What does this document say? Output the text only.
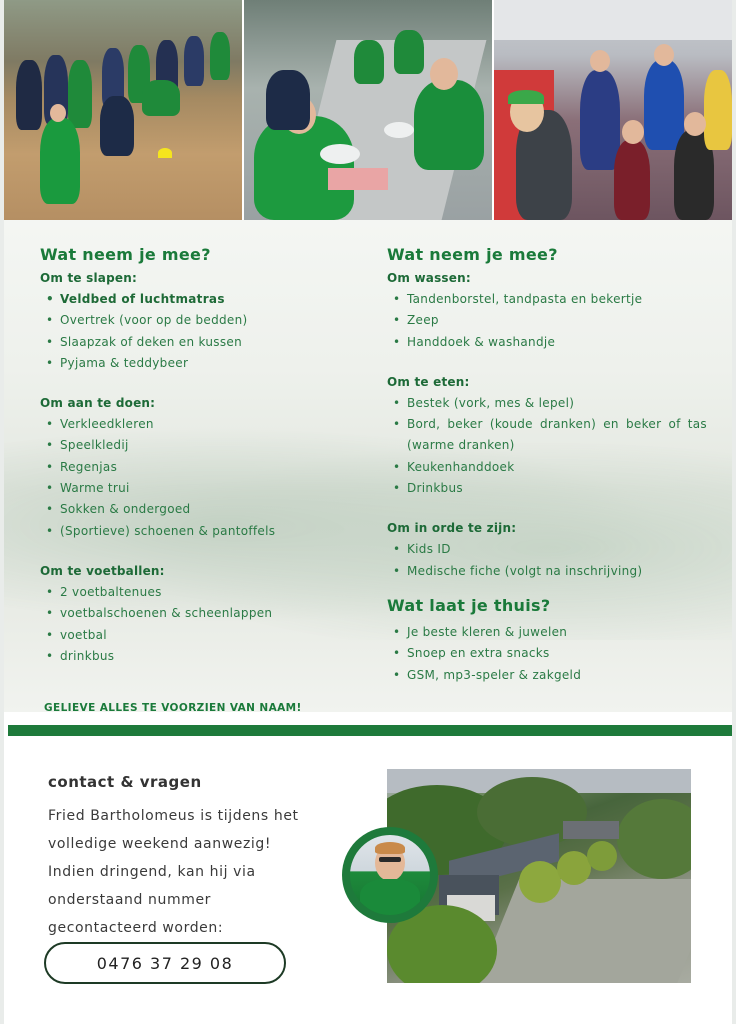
Wat neem je mee?
Om te slapen:
• Veldbed of luchtmatras
• Overtrek (voor op de bedden)
• Slaapzak of deken en kussen
• Pyjama & teddybeer
Om aan te doen:
• Verkleedkleren
• Speelkledij
• Regenjas
• Warme trui
• Sokken & ondergoed
• (Sportieve) schoenen & pantoffels
Om te voetballen:
• 2 voetbaltenues
• voetbalschoenen & scheenlappen
• voetbal
• drinkbus
GELIEVE ALLES TE VOORZIEN VAN NAAM!
Wat neem je mee?
Om wassen:
• Tandenborstel, tandpasta en bekertje
• Zeep
• Handdoek & washandje
Om te eten:
• Bestek (vork, mes & lepel)
• Bord, beker (koude dranken) en beker of tas (warme dranken)
• Keukenhanddoek
• Drinkbus
Om in orde te zijn:
• Kids ID
• Medische fiche (volgt na inschrijving)
Wat laat je thuis?
• Je beste kleren & juwelen
• Snoep en extra snacks
• GSM, mp3-speler & zakgeld
contact & vragen
Fried Bartholomeus is tijdens het
volledige weekend aanwezig!
Indien dringend, kan hij via
onderstaand nummer
gecontacteerd worden:
0476 37 29 08
